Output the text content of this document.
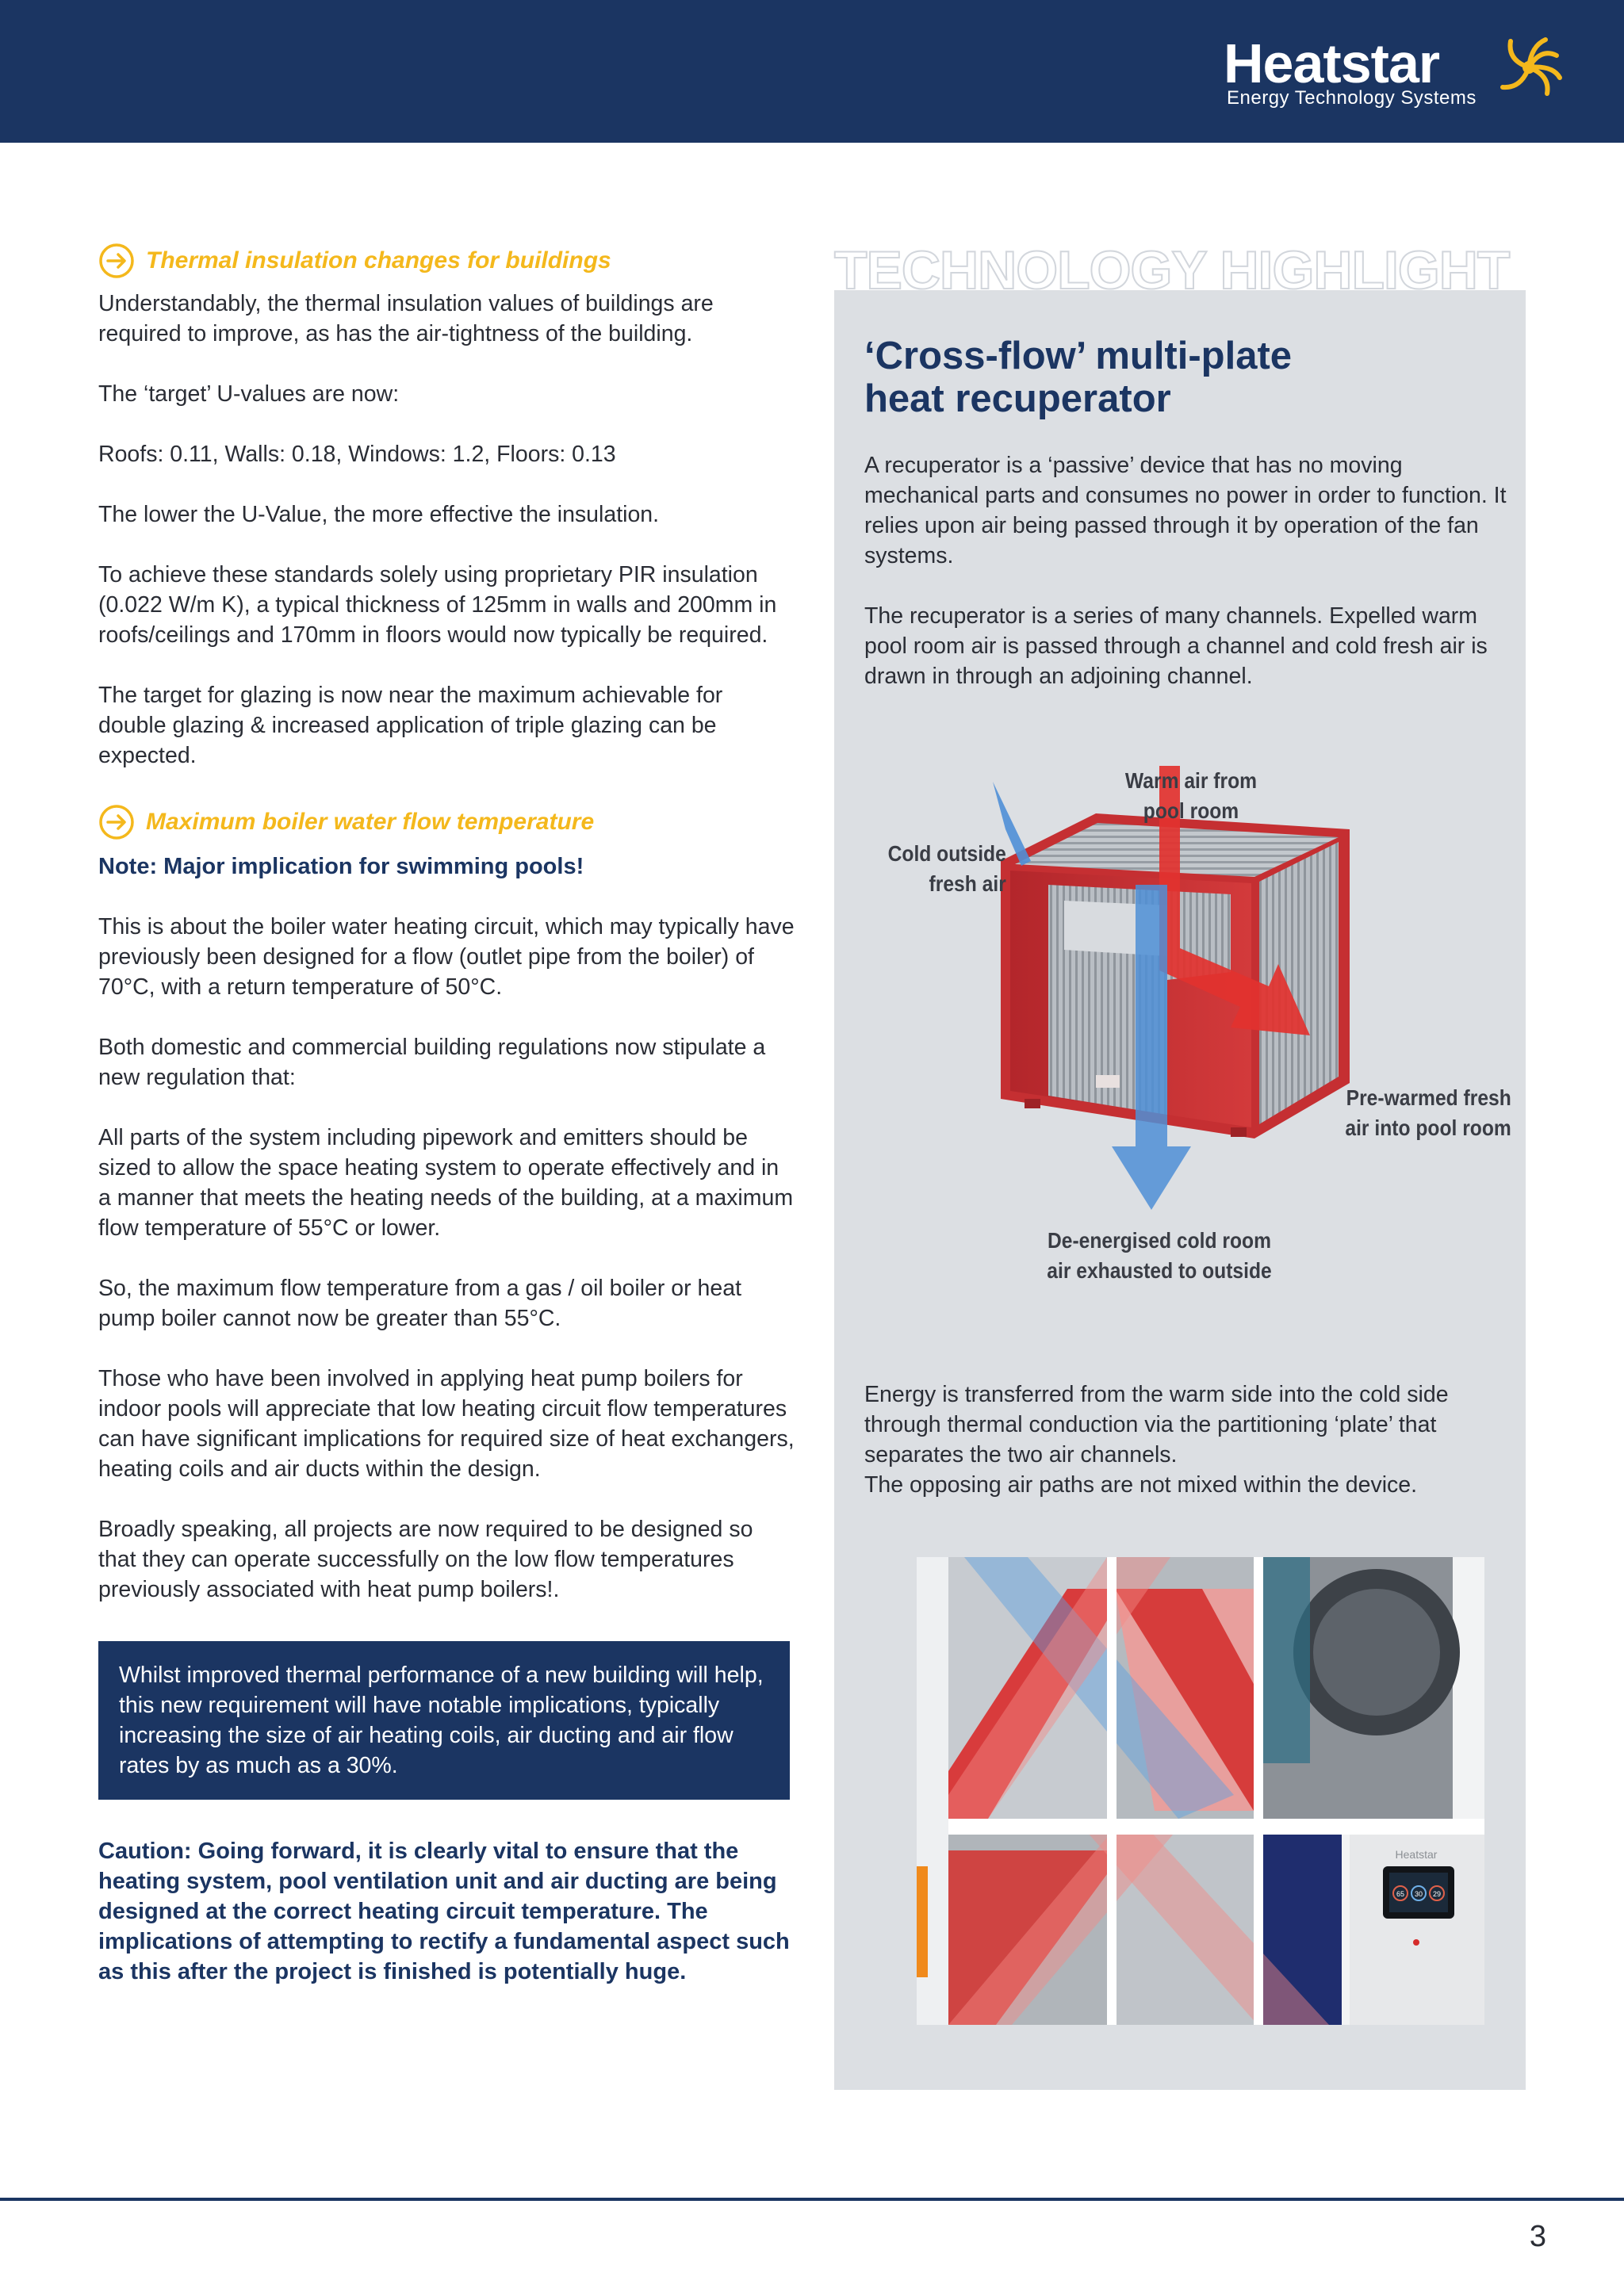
Heatstar
Energy Technology Systems
Thermal insulation changes for buildings

Understandably, the thermal insulation values of buildings are required to improve, as has the air-tightness of the building.

The ‘target’ U-values are now:

Roofs: 0.11, Walls: 0.18, Windows: 1.2, Floors: 0.13

The lower the U-Value, the more effective the insulation.

To achieve these standards solely using proprietary PIR insulation (0.022 W/m K), a typical thickness of 125mm in walls and 200mm in roofs/ceilings and 170mm in floors would now typically be required.

The target for glazing is now near the maximum achievable for double glazing & increased application of triple glazing can be expected.

Maximum boiler water flow temperature

Note: Major implication for swimming pools!

This is about the boiler water heating circuit, which may typically have previously been designed for a flow (outlet pipe from the boiler) of 70°C, with a return temperature of 50°C.

Both domestic and commercial building regulations now stipulate a new regulation that:

All parts of the system including pipework and emitters should be sized to allow the space heating system to operate effectively and in a manner that meets the heating needs of the building, at a maximum flow temperature of 55°C or lower.

So, the maximum flow temperature from a gas / oil boiler or heat pump boiler cannot now be greater than 55°C.

Those who have been involved in applying heat pump boilers for indoor pools will appreciate that low heating circuit flow temperatures can have significant implications for required size of heat exchangers, heating coils and air ducts within the design.

Broadly speaking, all projects are now required to be designed so that they can operate successfully on the low flow temperatures previously associated with heat pump boilers!.

Whilst improved thermal performance of a new building will help, this new requirement will have notable implications, typically increasing the size of air heating coils, air ducting and air flow rates by as much as a 30%.

Caution: Going forward, it is clearly vital to ensure that the heating system, pool ventilation unit and air ducting are being designed at the correct heating circuit temperature. The implications of attempting to rectify a fundamental aspect such as this after the project is finished is potentially huge.

‘Cross-flow’ multi-plate
heat recuperator

A recuperator is a ‘passive’ device that has no moving mechanical parts and consumes no power in order to function. It relies upon air being passed through it by operation of the fan systems.

The recuperator is a series of many channels. Expelled warm pool room air is passed through a channel and cold fresh air is drawn in through an adjoining channel.

Warm air from
pool room
Cold outside
fresh air
Pre-warmed fresh
air into pool room
De-energised cold room
air exhausted to outside

Energy is transferred from the warm side into the cold side through thermal conduction via the partitioning ‘plate’ that separates the two air channels.
The opposing air paths are not mixed within the device.

Heatstar
65 30 29
TECHNOLOGY HIGHLIGHT
3
